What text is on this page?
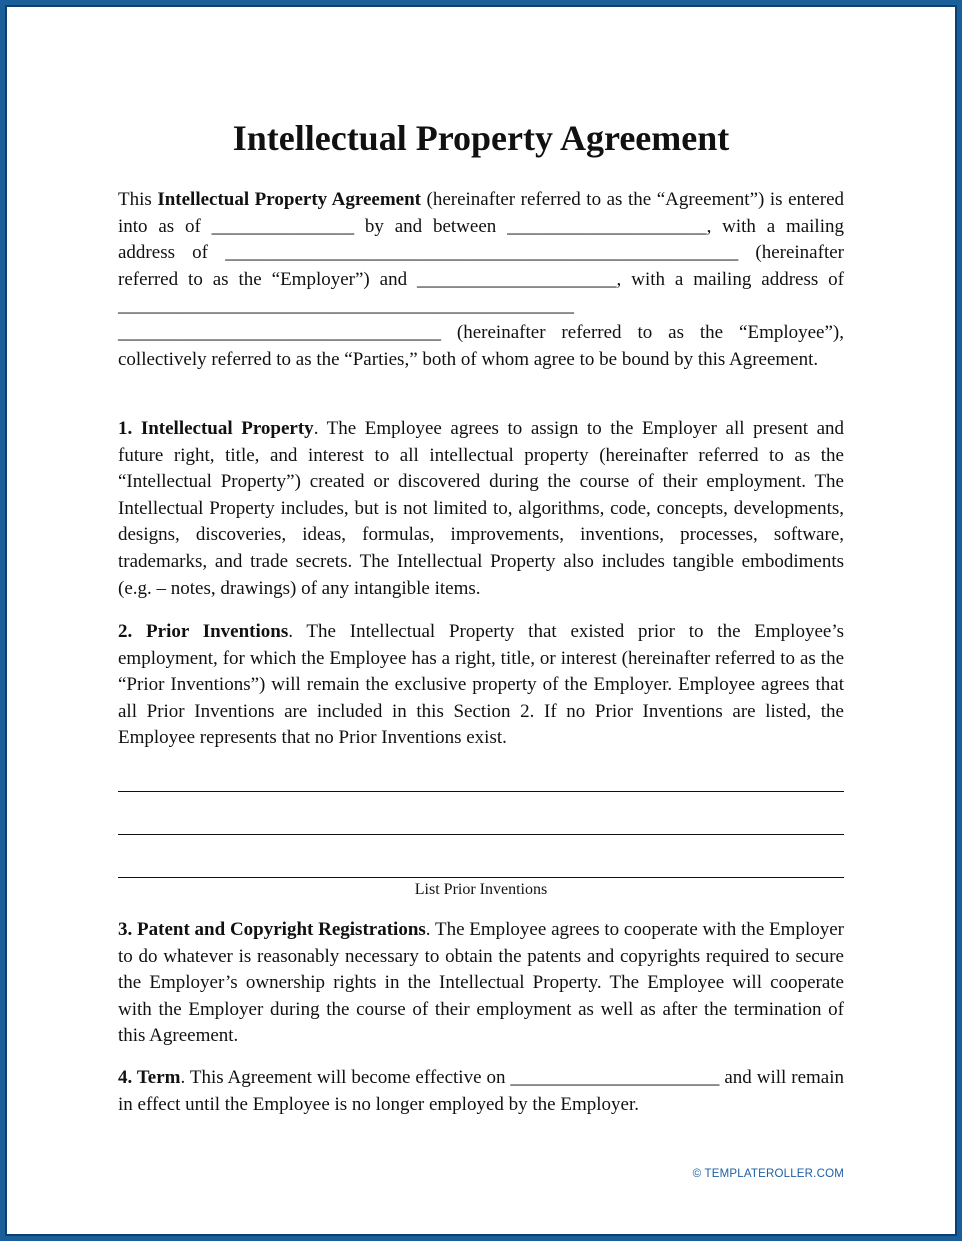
Intellectual Property Agreement

This Intellectual Property Agreement (hereinafter referred to as the “Agreement”) is entered into as of _______________ by and between _____________________, with a mailing address of ______________________________________________________ (hereinafter referred to as the “Employer”) and _____________________, with a mailing address of ________________________________________________ __________________________________ (hereinafter referred to as the “Employee”), collectively referred to as the “Parties,” both of whom agree to be bound by this Agreement.

1. Intellectual Property. The Employee agrees to assign to the Employer all present and future right, title, and interest to all intellectual property (hereinafter referred to as the “Intellectual Property”) created or discovered during the course of their employment. The Intellectual Property includes, but is not limited to, algorithms, code, concepts, developments, designs, discoveries, ideas, formulas, improvements, inventions, processes, software, trademarks, and trade secrets. The Intellectual Property also includes tangible embodiments (e.g. – notes, drawings) of any intangible items.

2. Prior Inventions. The Intellectual Property that existed prior to the Employee’s employment, for which the Employee has a right, title, or interest (hereinafter referred to as the “Prior Inventions”) will remain the exclusive property of the Employer. Employee agrees that all Prior Inventions are included in this Section 2. If no Prior Inventions are listed, the Employee represents that no Prior Inventions exist.

List Prior Inventions

3. Patent and Copyright Registrations. The Employee agrees to cooperate with the Employer to do whatever is reasonably necessary to obtain the patents and copyrights required to secure the Employer’s ownership rights in the Intellectual Property. The Employee will cooperate with the Employer during the course of their employment as well as after the termination of this Agreement.

4. Term. This Agreement will become effective on ______________________ and will remain in effect until the Employee is no longer employed by the Employer.

© TEMPLATEROLLER.COM
